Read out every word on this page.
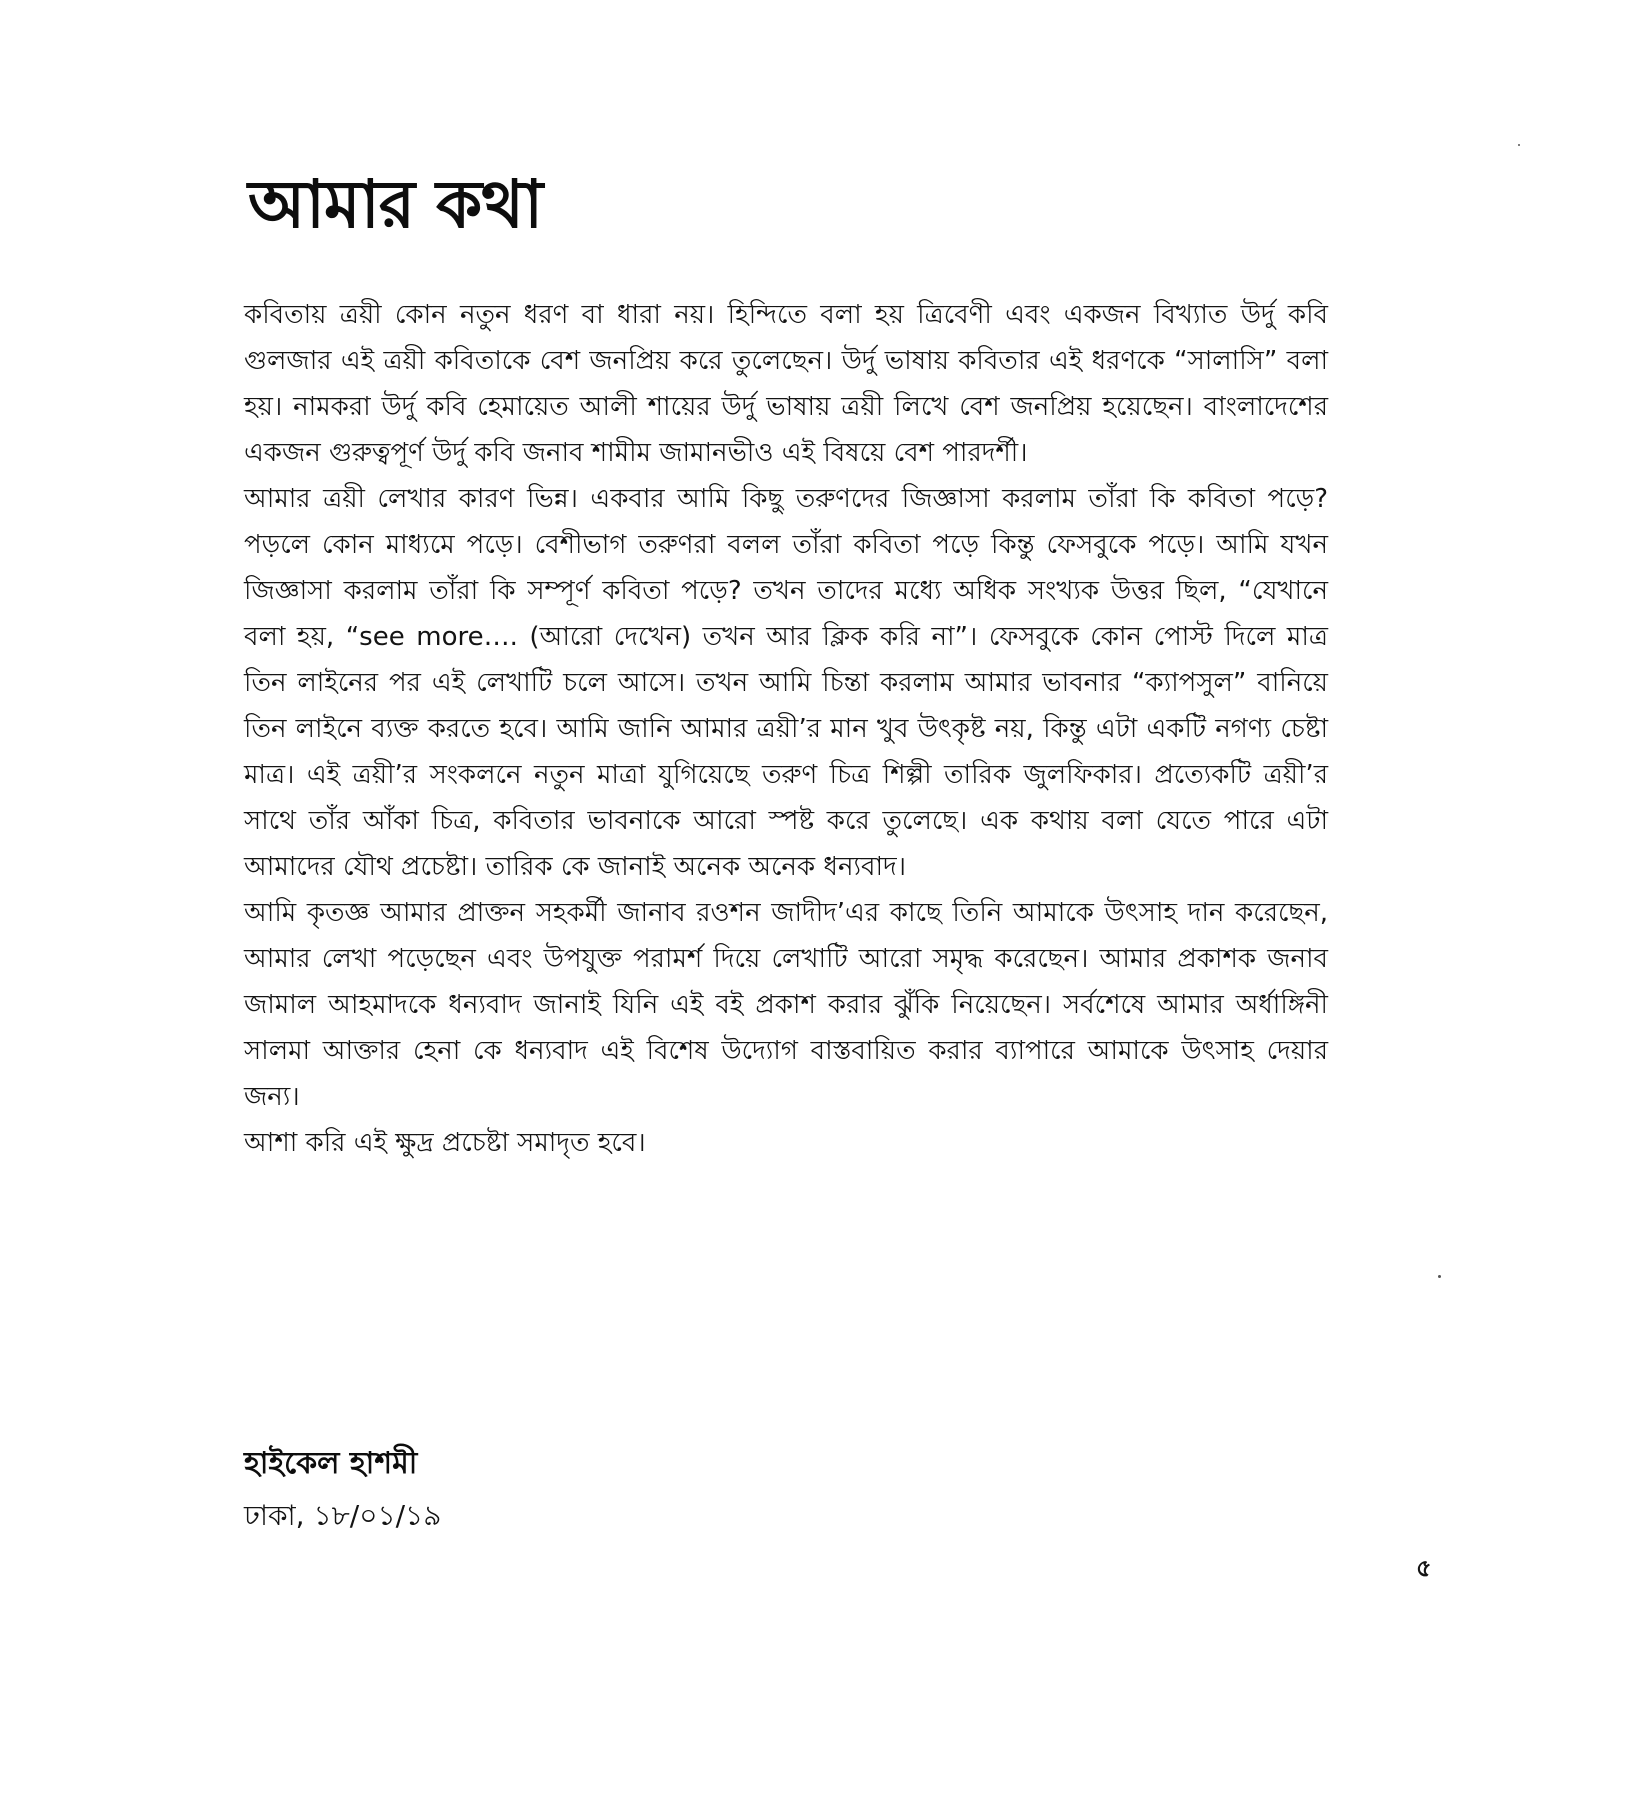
আমার কথা

কবিতায় ত্রয়ী কোন নতুন ধরণ বা ধারা নয়। হিন্দিতে বলা হয় ত্রিবেণী এবং একজন বিখ্যাত উর্দু কবি গুলজার এই ত্রয়ী কবিতাকে বেশ জনপ্রিয় করে তুলেছেন। উর্দু ভাষায় কবিতার এই ধরণকে “সালাসি” বলা হয়। নামকরা উর্দু কবি হেমায়েত আলী শায়ের উর্দু ভাষায় ত্রয়ী লিখে বেশ জনপ্রিয় হয়েছেন। বাংলাদেশের একজন গুরুত্বপূর্ণ উর্দু কবি জনাব শামীম জামানভীও এই বিষয়ে বেশ পারদর্শী।

আমার ত্রয়ী লেখার কারণ ভিন্ন। একবার আমি কিছু তরুণদের জিজ্ঞাসা করলাম তাঁরা কি কবিতা পড়ে? পড়লে কোন মাধ্যমে পড়ে। বেশীভাগ তরুণরা বলল তাঁরা কবিতা পড়ে কিন্তু ফেসবুকে পড়ে। আমি যখন জিজ্ঞাসা করলাম তাঁরা কি সম্পূর্ণ কবিতা পড়ে? তখন তাদের মধ্যে অধিক সংখ্যক উত্তর ছিল, “যেখানে বলা হয়, “see more…. (আরো দেখেন) তখন আর ক্লিক করি না”। ফেসবুকে কোন পোস্ট দিলে মাত্র তিন লাইনের পর এই লেখাটি চলে আসে। তখন আমি চিন্তা করলাম আমার ভাবনার “ক্যাপসুল” বানিয়ে তিন লাইনে ব্যক্ত করতে হবে। আমি জানি আমার ত্রয়ী’র মান খুব উৎকৃষ্ট নয়, কিন্তু এটা একটি নগণ্য চেষ্টা মাত্র। এই ত্রয়ী’র সংকলনে নতুন মাত্রা যুগিয়েছে তরুণ চিত্র শিল্পী তারিক জুলফিকার। প্রত্যেকটি ত্রয়ী’র সাথে তাঁর আঁকা চিত্র, কবিতার ভাবনাকে আরো স্পষ্ট করে তুলেছে। এক কথায় বলা যেতে পারে এটা আমাদের যৌথ প্রচেষ্টা। তারিক কে জানাই অনেক অনেক ধন্যবাদ।

আমি কৃতজ্ঞ আমার প্রাক্তন সহকর্মী জানাব রওশন জাদীদ’এর কাছে তিনি আমাকে উৎসাহ দান করেছেন, আমার লেখা পড়েছেন এবং উপযুক্ত পরামর্শ দিয়ে লেখাটি আরো সমৃদ্ধ করেছেন। আমার প্রকাশক জনাব জামাল আহমাদকে ধন্যবাদ জানাই যিনি এই বই প্রকাশ করার ঝুঁকি নিয়েছেন। সর্বশেষে আমার অর্ধাঙ্গিনী সালমা আক্তার হেনা কে ধন্যবাদ এই বিশেষ উদ্যোগ বাস্তবায়িত করার ব্যাপারে আমাকে উৎসাহ দেয়ার জন্য।

আশা করি এই ক্ষুদ্র প্রচেষ্টা সমাদৃত হবে।

হাইকেল হাশমী
ঢাকা, ১৮/০১/১৯
৫
